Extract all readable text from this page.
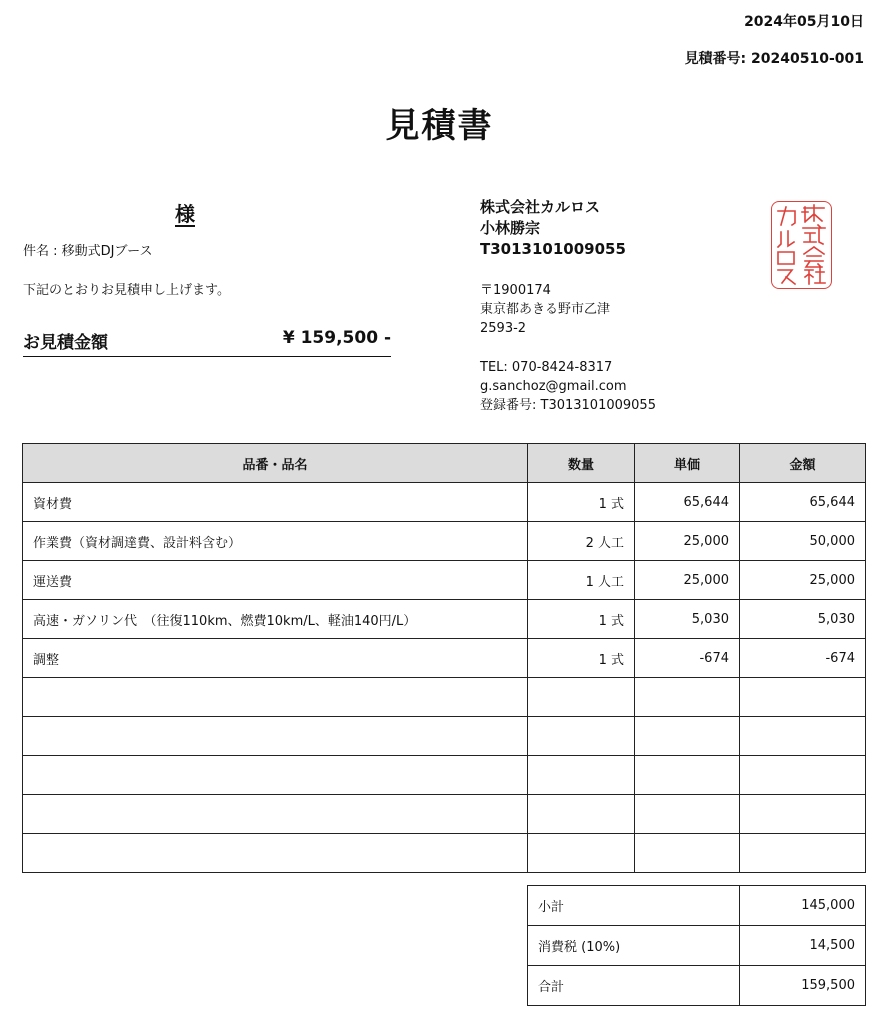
2024年05月10日
見積番号: 20240510-001
見積書
様
件名 : 移動式DJブース
下記のとおりお見積申し上げます。
お見積金額	¥ 159,500 -
株式会社カルロス
小林勝宗
T3013101009055
〒1900174
東京都あきる野市乙津
2593-2
TEL: 070-8424-8317
g.sanchoz@gmail.com
登録番号: T3013101009055
品番・品名	数量	単価	金額
資材費	1 式	65,644	65,644
作業費（資材調達費、設計料含む）	2 人工	25,000	50,000
運送費	1 人工	25,000	25,000
高速・ガソリン代　（往復110km、燃費10km/L、軽油140円/L）	1 式	5,030	5,030
調整	1 式	-674	-674

小計	145,000
消費税 (10%)	14,500
合計	159,500
